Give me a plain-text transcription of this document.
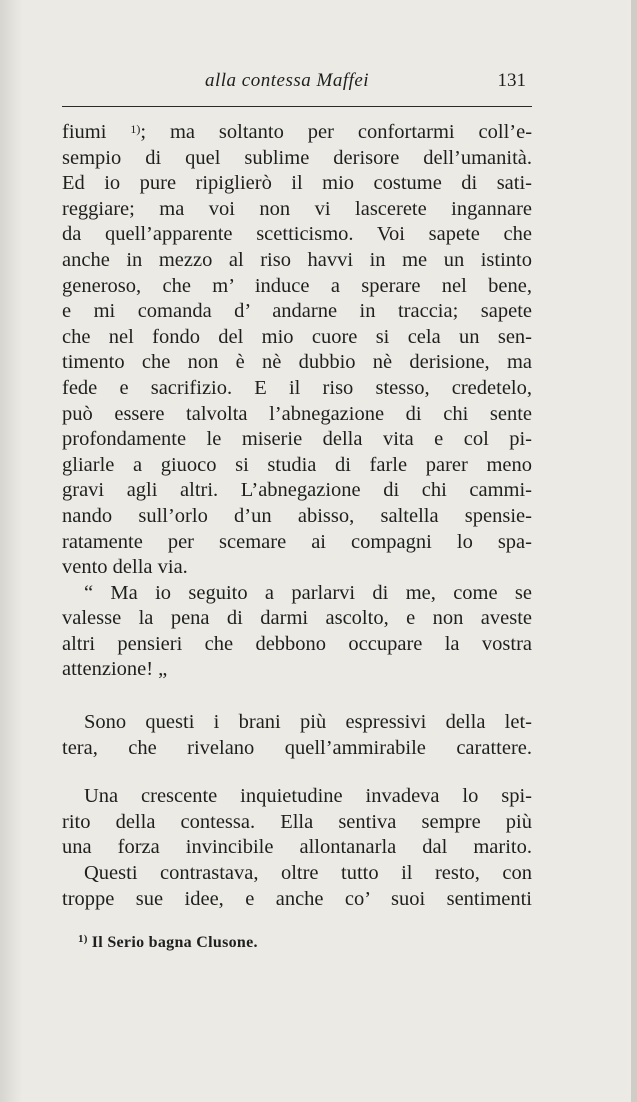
alla contessa Maffei	131
fiumi $^{1)}$; ma soltanto per confortarmi coll’e-
sempio di quel sublime derisore dell’umanità.
Ed io pure ripiglierò il mio costume di sati-
reggiare; ma voi non vi lascerete ingannare
da quell’apparente scetticismo. Voi sapete che
anche in mezzo al riso havvi in me un istinto
generoso, che m’ induce a sperare nel bene,
e mi comanda d’ andarne in traccia; sapete
che nel fondo del mio cuore si cela un sen-
timento che non è nè dubbio nè derisione, ma
fede e sacrifizio. E il riso stesso, credetelo,
può essere talvolta l’abnegazione di chi sente
profondamente le miserie della vita e col pi-
gliarle a giuoco si studia di farle parer meno
gravi agli altri. L’abnegazione di chi cammi-
nando sull’orlo d’un abisso, saltella spensie-
ratamente per scemare ai compagni lo spa-
vento della via.
“ Ma io seguito a parlarvi di me, come se
valesse la pena di darmi ascolto, e non aveste
altri pensieri che debbono occupare la vostra
attenzione! „
Sono questi i brani più espressivi della let-
tera, che rivelano quell’ammirabile carattere.
Una crescente inquietudine invadeva lo spi-
rito della contessa. Ella sentiva sempre più
una forza invincibile allontanarla dal marito.
Questi contrastava, oltre tutto il resto, con
troppe sue idee, e anche co’ suoi sentimenti
$^{1)}$ Il Serio bagna Clusone.
